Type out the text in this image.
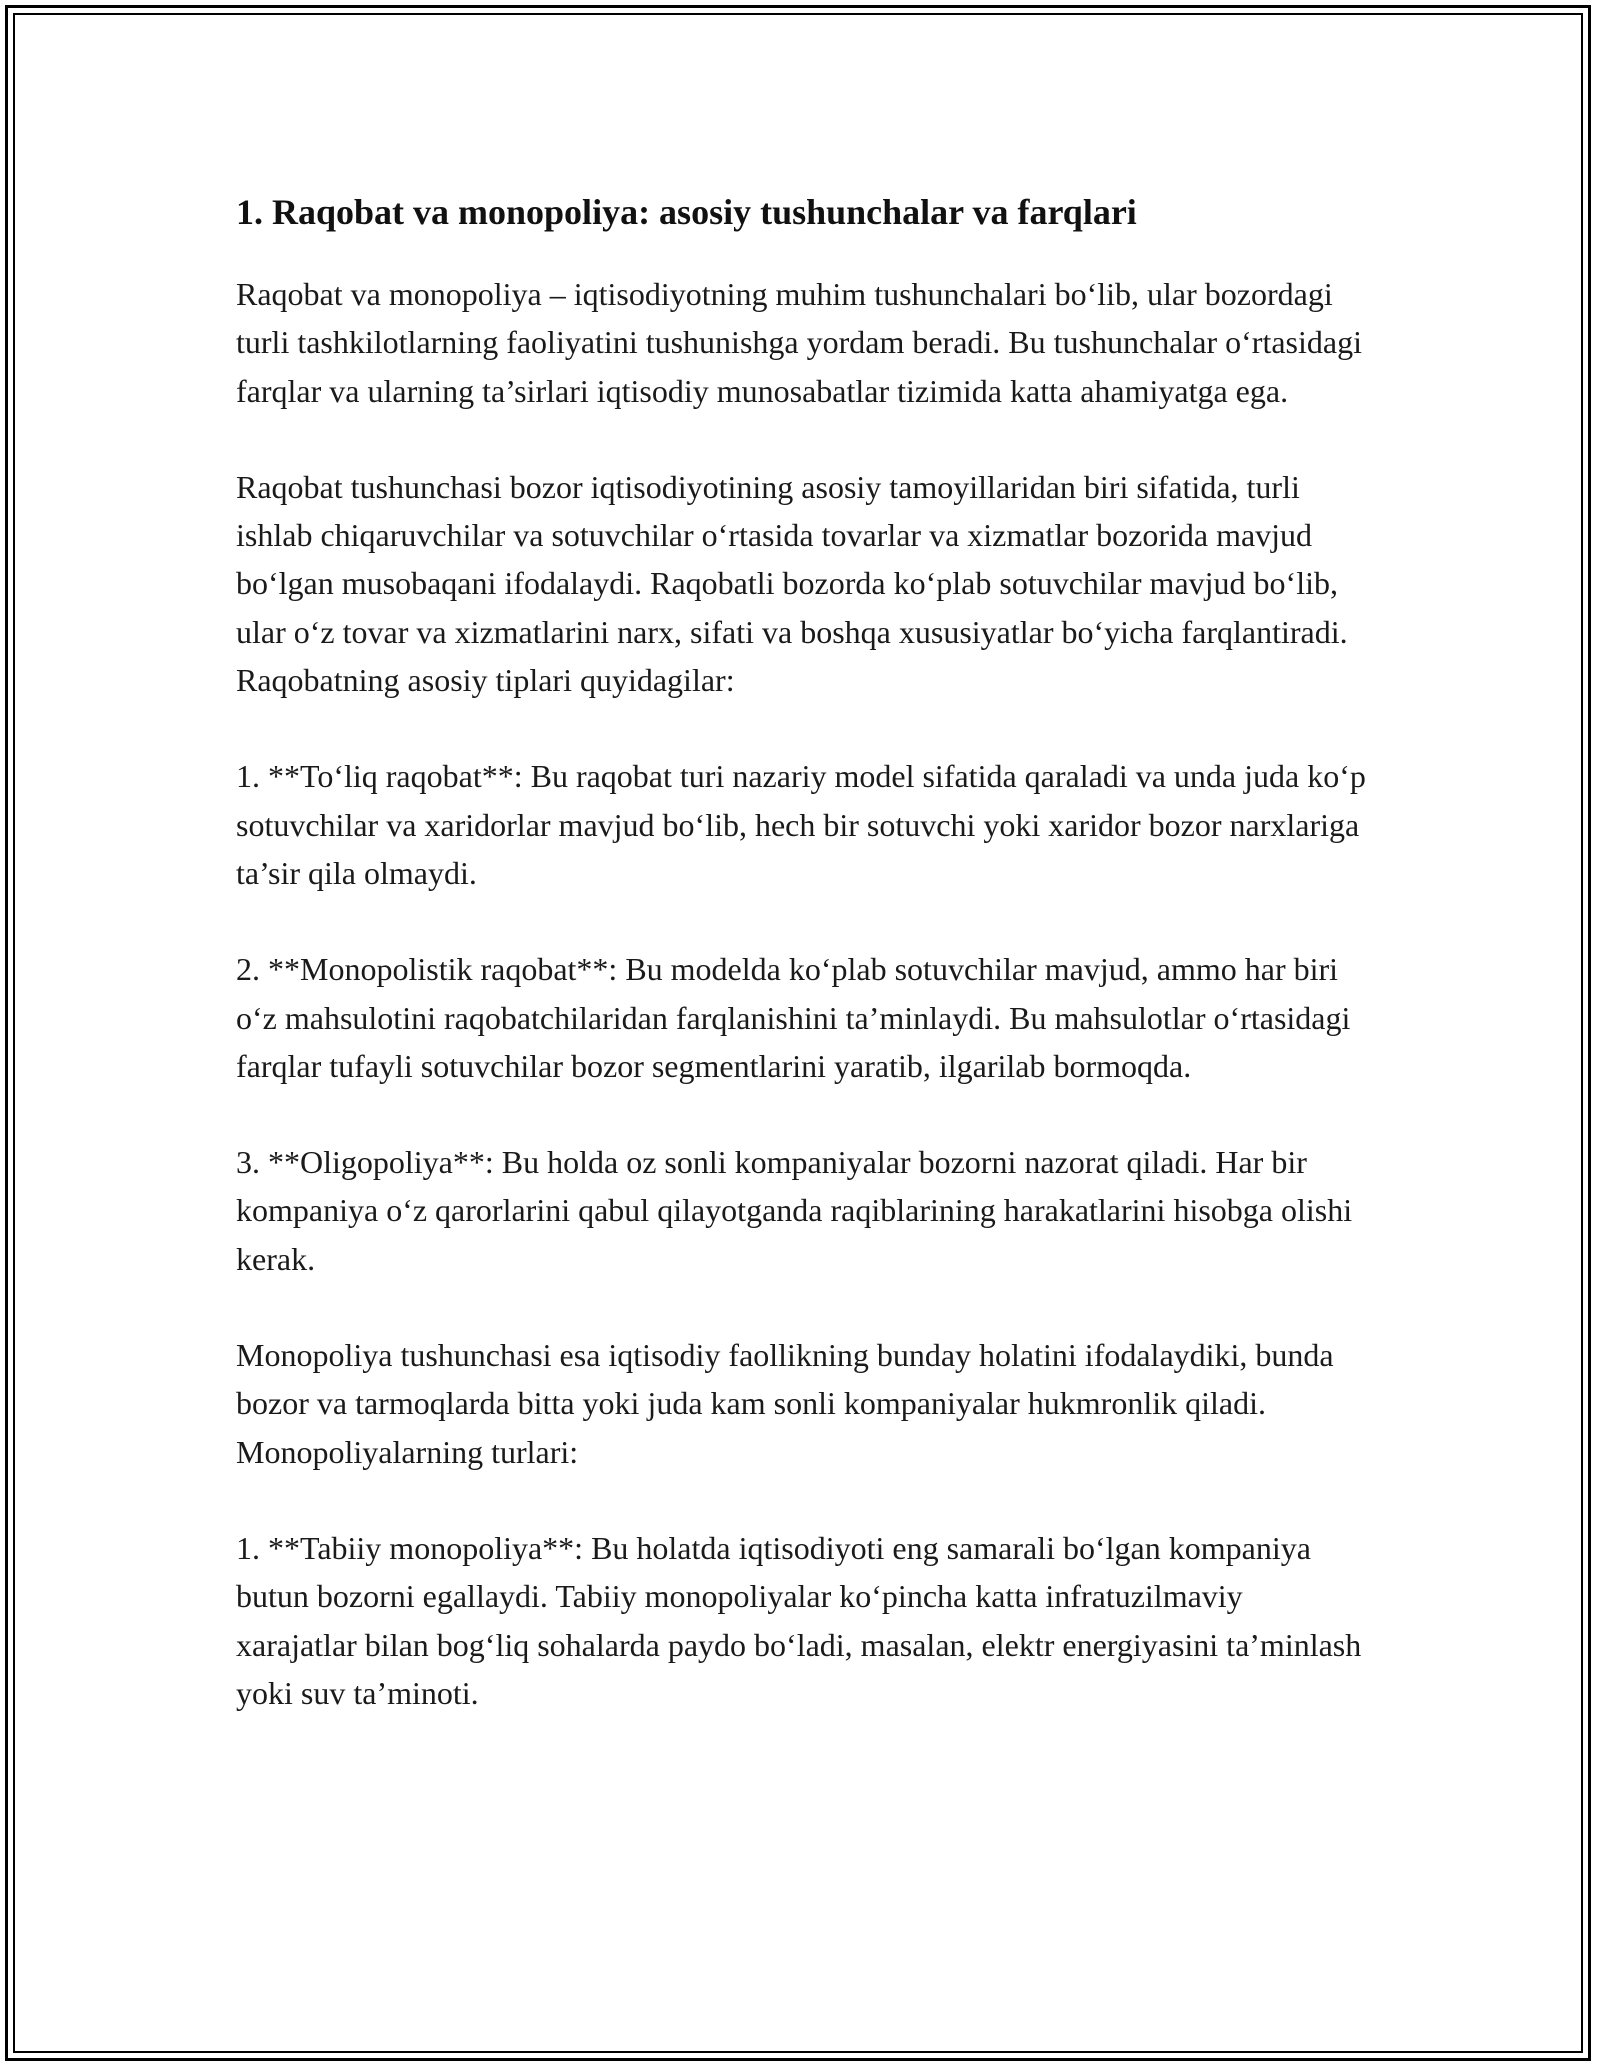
1. Raqobat va monopoliya: asosiy tushunchalar va farqlari

Raqobat va monopoliya – iqtisodiyotning muhim tushunchalari bo‘lib, ular bozordagi turli tashkilotlarning faoliyatini tushunishga yordam beradi. Bu tushunchalar o‘rtasidagi farqlar va ularning ta’sirlari iqtisodiy munosabatlar tizimida katta ahamiyatga ega.

Raqobat tushunchasi bozor iqtisodiyotining asosiy tamoyillaridan biri sifatida, turli ishlab chiqaruvchilar va sotuvchilar o‘rtasida tovarlar va xizmatlar bozorida mavjud bo‘lgan musobaqani ifodalaydi. Raqobatli bozorda ko‘plab sotuvchilar mavjud bo‘lib, ular o‘z tovar va xizmatlarini narx, sifati va boshqa xususiyatlar bo‘yicha farqlantiradi. Raqobatning asosiy tiplari quyidagilar:

1. **To‘liq raqobat**: Bu raqobat turi nazariy model sifatida qaraladi va unda juda ko‘p sotuvchilar va xaridorlar mavjud bo‘lib, hech bir sotuvchi yoki xaridor bozor narxlariga ta’sir qila olmaydi.

2. **Monopolistik raqobat**: Bu modelda ko‘plab sotuvchilar mavjud, ammo har biri o‘z mahsulotini raqobatchilaridan farqlanishini ta’minlaydi. Bu mahsulotlar o‘rtasidagi farqlar tufayli sotuvchilar bozor segmentlarini yaratib, ilgarilab bormoqda.

3. **Oligopoliya**: Bu holda oz sonli kompaniyalar bozorni nazorat qiladi. Har bir kompaniya o‘z qarorlarini qabul qilayotganda raqiblarining harakatlarini hisobga olishi kerak.

Monopoliya tushunchasi esa iqtisodiy faollikning bunday holatini ifodalaydiki, bunda bozor va tarmoqlarda bitta yoki juda kam sonli kompaniyalar hukmronlik qiladi. Monopoliyalarning turlari:

1. **Tabiiy monopoliya**: Bu holatda iqtisodiyoti eng samarali bo‘lgan kompaniya butun bozorni egallaydi. Tabiiy monopoliyalar ko‘pincha katta infratuzilmaviy xarajatlar bilan bog‘liq sohalarda paydo bo‘ladi, masalan, elektr energiyasini ta’minlash yoki suv ta’minoti.
